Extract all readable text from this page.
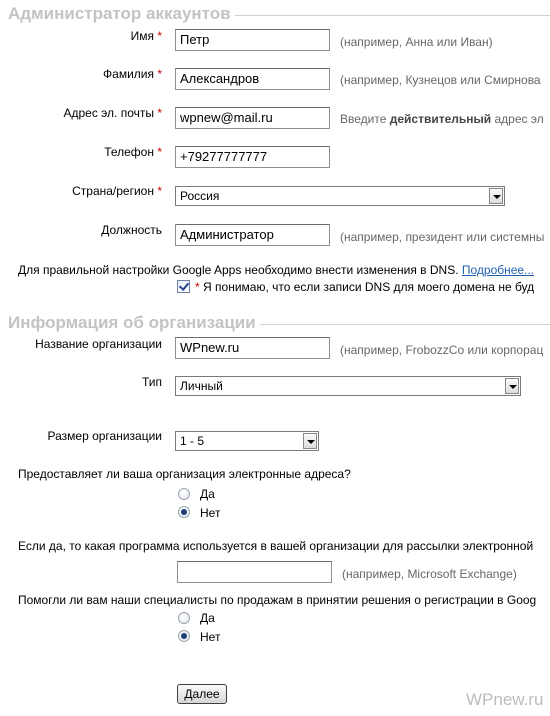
Администратор аккаунтов
Имя *	Петр	(например, Анна или Иван)
Фамилия *	Александров	(например, Кузнецов или Смирнова
Адрес эл. почты *	wpnew@mail.ru	Введите действительный адрес эл
Телефон *	+79277777777
Страна/регион *	Россия
Должность	Администратор	(например, президент или системны
Для правильной настройки Google Apps необходимо внести изменения в DNS. Подробнее...
* Я понимаю, что если записи DNS для моего домена не буд
Информация об организации
Название организации	WPnew.ru	(например, FrobozzCo или корпорац
Тип	Личный
Размер организации	1 - 5
Предоставляет ли ваша организация электронные адреса?
Да
Нет
Если да, то какая программа используется в вашей организации для рассылки электронной
(например, Microsoft Exchange)
Помогли ли вам наши специалисты по продажам в принятии решения о регистрации в Goog
Да
Нет
Далее	WPnew.ru
